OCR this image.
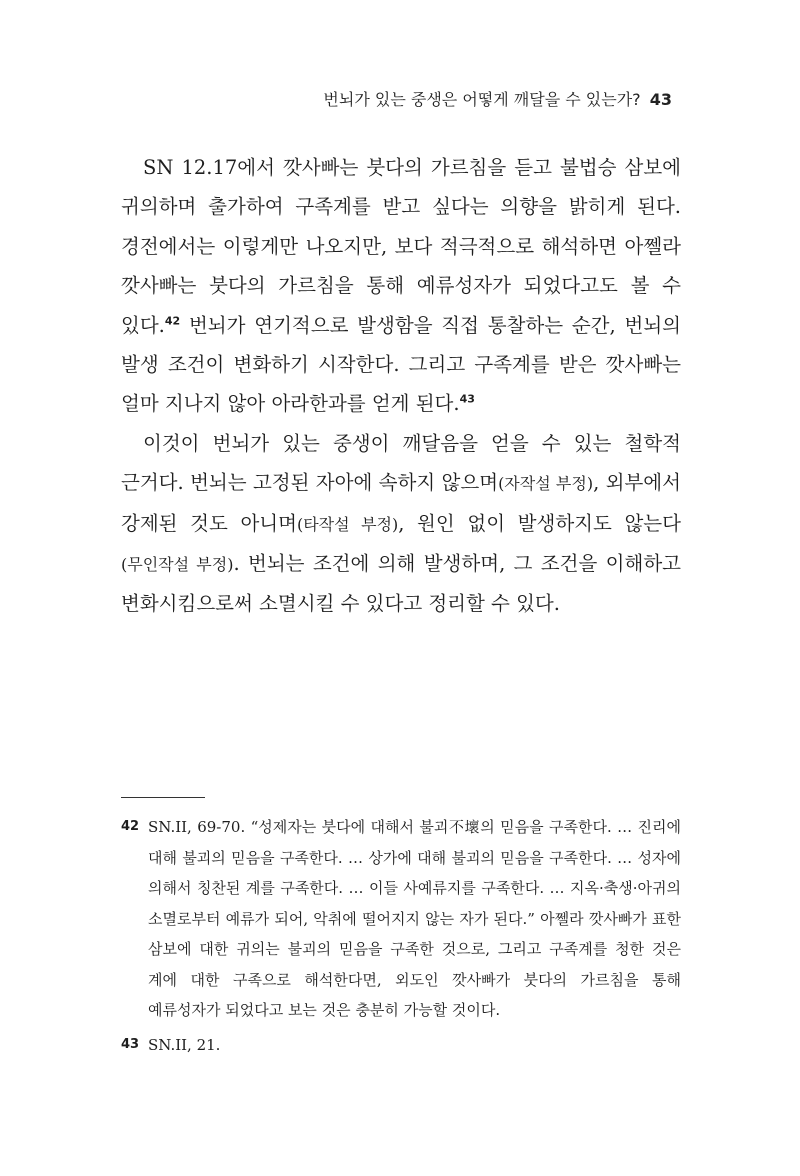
번뇌가 있는 중생은 어떻게 깨달을 수 있는가? 43

SN 12.17에서 깟사빠는 붓다의 가르침을 듣고 불법승 삼보에 귀의하며 출가하여 구족계를 받고 싶다는 의향을 밝히게 된다. 경전에서는 이렇게만 나오지만, 보다 적극적으로 해석하면 아쩰라 깟사빠는 붓다의 가르침을 통해 예류성자가 되었다고도 볼 수 있다.$^{42}$ 번뇌가 연기적으로 발생함을 직접 통찰하는 순간, 번뇌의 발생 조건이 변화하기 시작한다. 그리고 구족계를 받은 깟사빠는 얼마 지나지 않아 아라한과를 얻게 된다.$^{43}$

이것이 번뇌가 있는 중생이 깨달음을 얻을 수 있는 철학적 근거다. 번뇌는 고정된 자아에 속하지 않으며(자작설 부정), 외부에서 강제된 것도 아니며(타작설 부정), 원인 없이 발생하지도 않는다(무인작설 부정). 번뇌는 조건에 의해 발생하며, 그 조건을 이해하고 변화시킴으로써 소멸시킬 수 있다고 정리할 수 있다.

42 SN.II, 69-70. “성제자는 붓다에 대해서 불괴不壞의 믿음을 구족한다. … 진리에 대해 불괴의 믿음을 구족한다. … 상가에 대해 불괴의 믿음을 구족한다. … 성자에 의해서 칭찬된 계를 구족한다. … 이들 사예류지를 구족한다. … 지옥·축생·아귀의 소멸로부터 예류가 되어, 악취에 떨어지지 않는 자가 된다.” 아쩰라 깟사빠가 표한 삼보에 대한 귀의는 불괴의 믿음을 구족한 것으로, 그리고 구족계를 청한 것은 계에 대한 구족으로 해석한다면, 외도인 깟사빠가 붓다의 가르침을 통해 예류성자가 되었다고 보는 것은 충분히 가능할 것이다.
43 SN.II, 21.
